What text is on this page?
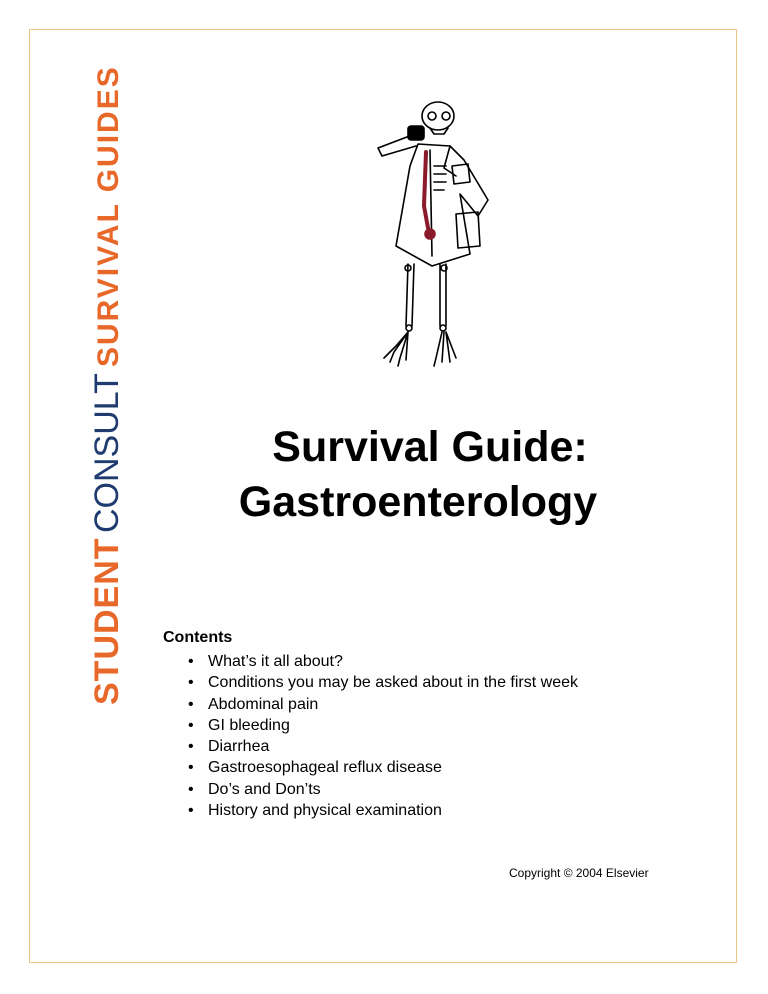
STUDENT
CONSULT
SURVIVAL GUIDES
Survival Guide:
Gastroenterology
Contents
• What’s it all about?
• Conditions you may be asked about in the first week
• Abdominal pain
• GI bleeding
• Diarrhea
• Gastroesophageal reflux disease
• Do’s and Don’ts
• History and physical examination
Copyright © 2004 Elsevier
